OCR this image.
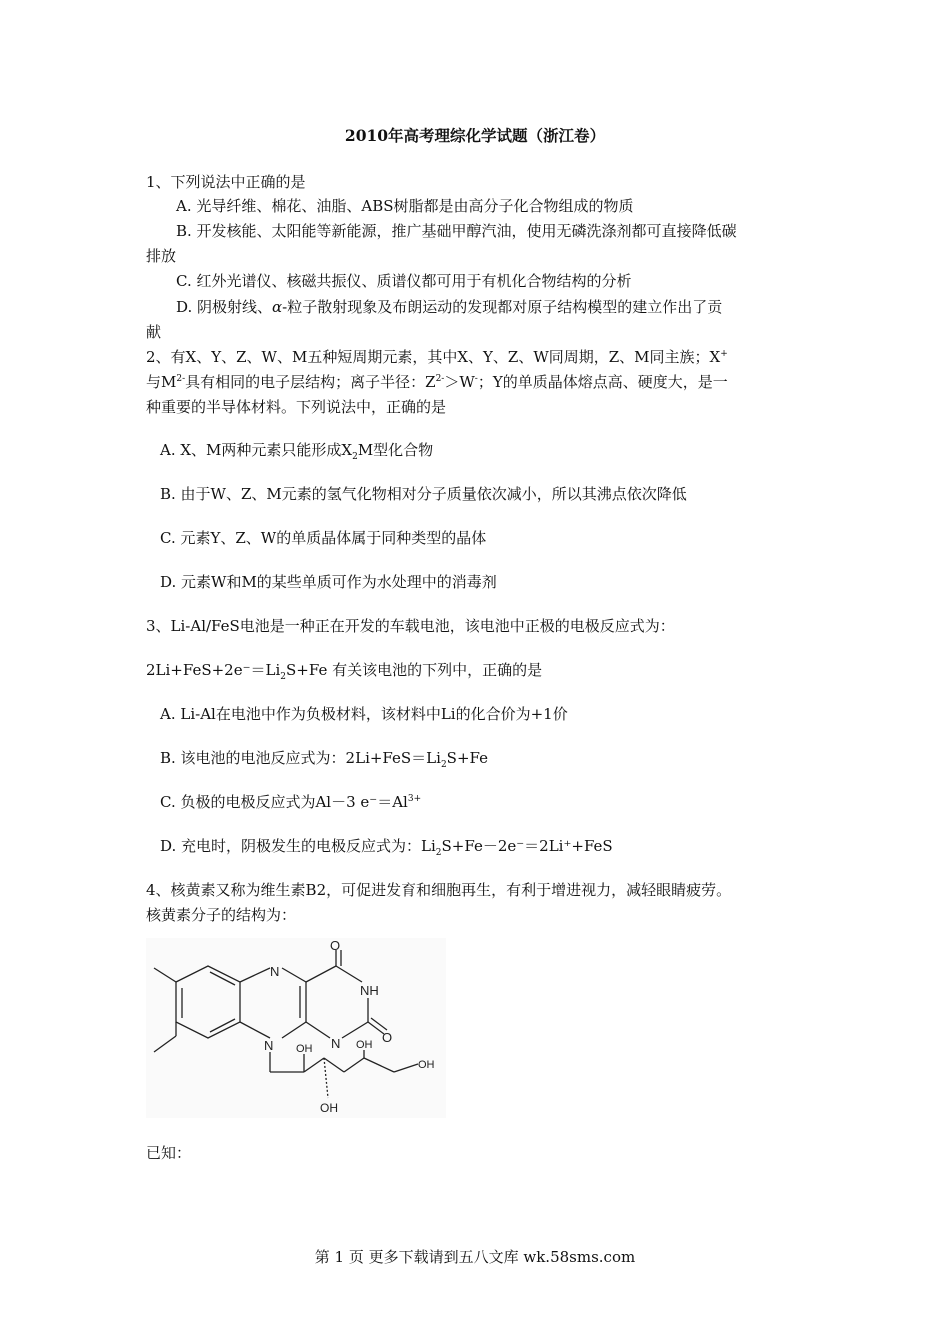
2010年高考理综化学试题（浙江卷）
1、下列说法中正确的是
A. 光导纤维、棉花、油脂、ABS树脂都是由高分子化合物组成的物质
B. 开发核能、太阳能等新能源，推广基础甲醇汽油，使用无磷洗涤剂都可直接降低碳
排放
C. 红外光谱仪、核磁共振仪、质谱仪都可用于有机化合物结构的分析
D. 阴极射线、α-粒子散射现象及布朗运动的发现都对原子结构模型的建立作出了贡
献
2、有X、Y、Z、W、M五种短周期元素，其中X、Y、Z、W同周期，Z、M同主族；X+
与$M^{2-}$具有相同的电子层结构；离子半径：$Z^{2-}>W^-$；Y的单质晶体熔点高、硬度大，是一
种重要的半导体材料。下列说法中，正确的是
A. X、M两种元素只能形成$X_2M$型化合物
B. 由于W、Z、M元素的氢气化物相对分子质量依次减小，所以其沸点依次降低
C. 元素Y、Z、W的单质晶体属于同种类型的晶体
D. 元素W和M的某些单质可作为水处理中的消毒剂
3、Li-Al/FeS电池是一种正在开发的车载电池，该电池中正极的电极反应式为：
$2Li+FeS+2e^-=Li_2S+Fe$ 有关该电池的下列中，正确的是
A. Li-Al在电池中作为负极材料，该材料中Li的化合价为+1价
B. 该电池的电池反应式为：$2Li+FeS=Li_2S+Fe$
C. 负极的电极反应式为Al－3 $e^-=Al^{3+}$
D. 充电时，阴极发生的电极反应式为：$Li_2S+Fe-2e^-=2Li^++FeS$
4、核黄素又称为维生素B2，可促进发育和细胞再生，有利于增进视力，减轻眼睛疲劳。
核黄素分子的结构为：
O
NH
O
N
N
N OH	OH
OH
OH
已知：
第 1 页 更多下载请到五八文库 wk.58sms.com
